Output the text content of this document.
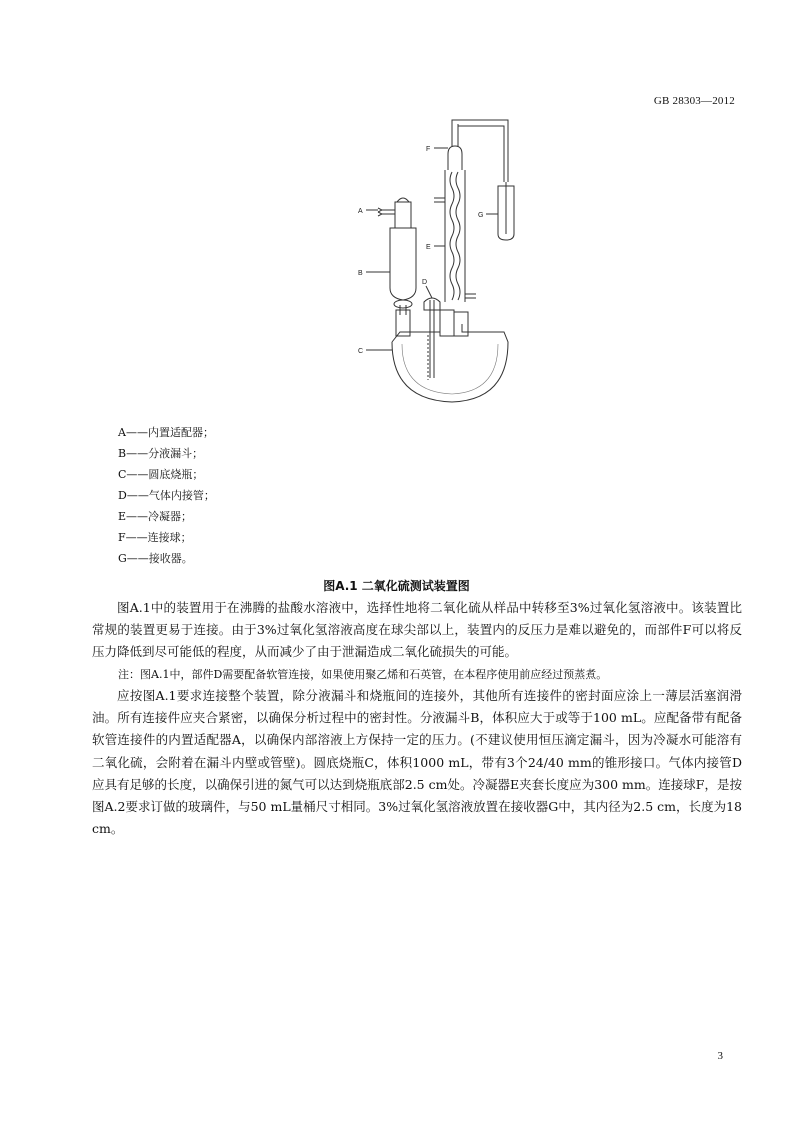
GB 28303—2012
A
B
C
D
E
F
G
A——内置适配器；
B——分液漏斗；
C——圆底烧瓶；
D——气体内接管；
E——冷凝器；
F——连接球；
G——接收器。
图A.1 二氧化硫测试装置图

图A.1中的装置用于在沸腾的盐酸水溶液中，选择性地将二氧化硫从样品中转移至3%过氧化氢溶液中。该装置比常规的装置更易于连接。由于3%过氧化氢溶液高度在球尖部以上，装置内的反压力是难以避免的，而部件F可以将反压力降低到尽可能低的程度，从而减少了由于泄漏造成二氧化硫损失的可能。

注：图A.1中，部件D需要配备软管连接，如果使用聚乙烯和石英管，在本程序使用前应经过预蒸煮。

应按图A.1要求连接整个装置，除分液漏斗和烧瓶间的连接外，其他所有连接件的密封面应涂上一薄层活塞润滑油。所有连接件应夹合紧密，以确保分析过程中的密封性。分液漏斗B，体积应大于或等于100 mL。应配备带有配备软管连接件的内置适配器A，以确保内部溶液上方保持一定的压力。(不建议使用恒压滴定漏斗，因为冷凝水可能溶有二氧化硫，会附着在漏斗内壁或管壁)。圆底烧瓶C，体积1000 mL，带有3个24/40 mm的锥形接口。气体内接管D应具有足够的长度，以确保引进的氮气可以达到烧瓶底部2.5 cm处。冷凝器E夹套长度应为300 mm。连接球F，是按图A.2要求订做的玻璃件，与50 mL量桶尺寸相同。3%过氧化氢溶液放置在接收器G中，其内径为2.5 cm，长度为18 cm。

3
